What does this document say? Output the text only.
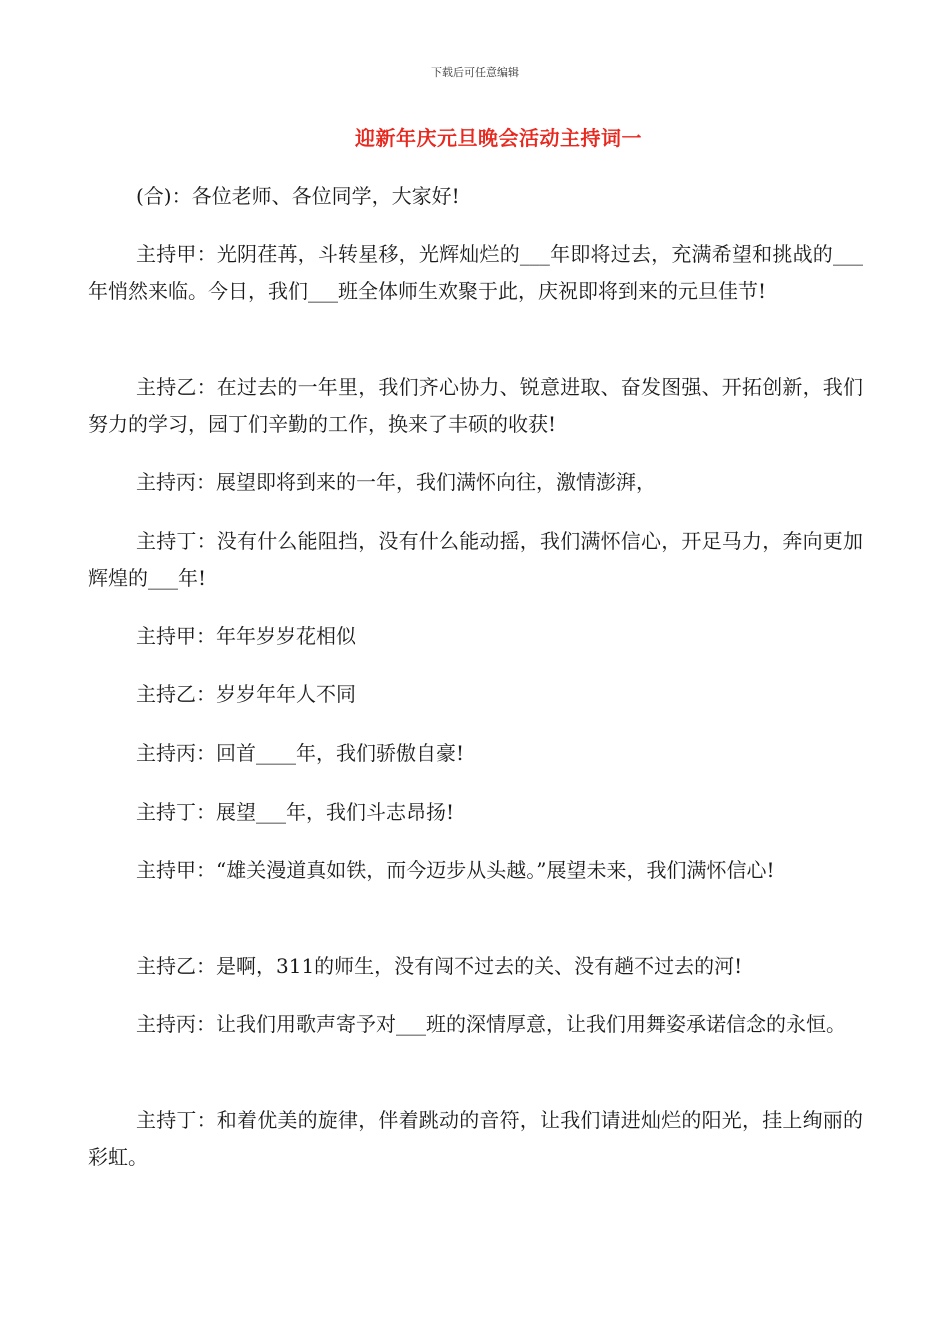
下载后可任意编辑
迎新年庆元旦晚会活动主持词一

(合)：各位老师、各位同学，大家好!

主持甲：光阴荏苒，斗转星移，光辉灿烂的___年即将过去，充满希望和挑战的___年悄然来临。今日，我们___班全体师生欢聚于此，庆祝即将到来的元旦佳节!

主持乙：在过去的一年里，我们齐心协力、锐意进取、奋发图强、开拓创新，我们努力的学习，园丁们辛勤的工作，换来了丰硕的收获!

主持丙：展望即将到来的一年，我们满怀向往，激情澎湃，

主持丁：没有什么能阻挡，没有什么能动摇，我们满怀信心，开足马力，奔向更加辉煌的___年!

主持甲：年年岁岁花相似

主持乙：岁岁年年人不同

主持丙：回首____年，我们骄傲自豪!

主持丁：展望___年，我们斗志昂扬!

主持甲：“雄关漫道真如铁，而今迈步从头越。”展望未来，我们满怀信心!

主持乙：是啊，311的师生，没有闯不过去的关、没有趟不过去的河!

主持丙：让我们用歌声寄予对___班的深情厚意，让我们用舞姿承诺信念的永恒。

主持丁：和着优美的旋律，伴着跳动的音符，让我们请进灿烂的阳光，挂上绚丽的彩虹。
